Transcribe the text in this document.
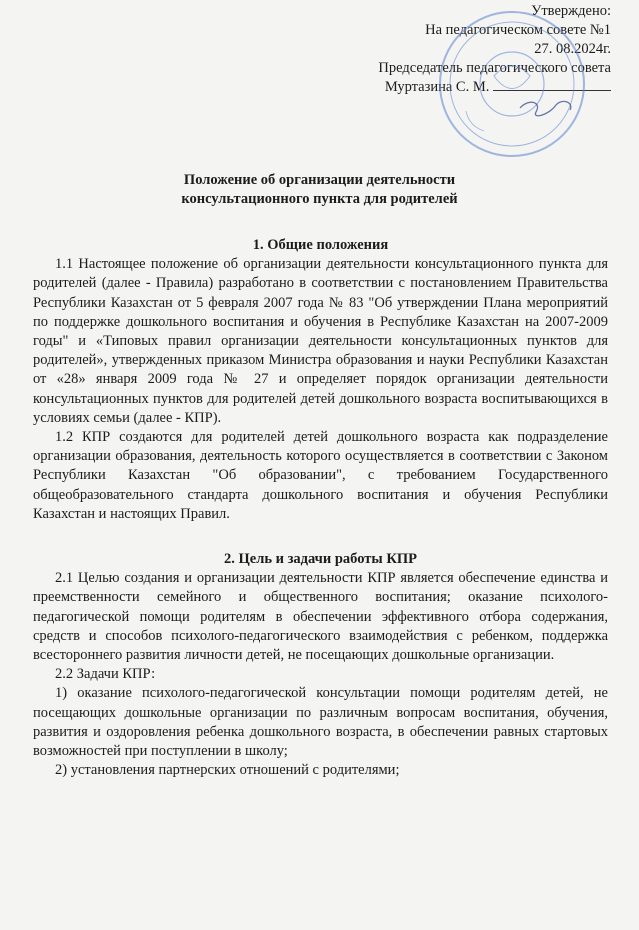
Утверждено:
На педагогическом совете №1
27. 08.2024г.
Председатель педагогического совета
Муртазина С. М.
Положение об организации деятельности
консультационного пункта для родителей
1. Общие положения
1.1 Настоящее положение об организации деятельности консультационного пункта для родителей (далее - Правила) разработано в соответствии с постановлением Правительства Республики Казахстан от 5 февраля 2007 года № 83 "Об утверждении Плана мероприятий по поддержке дошкольного воспитания и обучения в Республике Казахстан на 2007-2009 годы" и «Типовых правил организации деятельности консультационных пунктов для родителей», утвержденных приказом Министра образования и науки Республики Казахстан от «28» января 2009 года № 27 и определяет порядок организации деятельности консультационных пунктов для родителей детей дошкольного возраста воспитывающихся в условиях семьи (далее - КПР).
1.2 КПР создаются для родителей детей дошкольного возраста как подразделение организации образования, деятельность которого осуществляется в соответствии с Законом Республики Казахстан "Об образовании", с требованием Государственного общеобразовательного стандарта дошкольного воспитания и обучения Республики Казахстан и настоящих Правил.
2. Цель и задачи работы КПР
2.1 Целью создания и организации деятельности КПР является обеспечение единства и преемственности семейного и общественного воспитания; оказание психолого-педагогической помощи родителям в обеспечении эффективного отбора содержания, средств и способов психолого-педагогического взаимодействия с ребенком, поддержка всестороннего развития личности детей, не посещающих дошкольные организации.
2.2 Задачи КПР:
1) оказание психолого-педагогической консультации помощи родителям детей, не посещающих дошкольные организации по различным вопросам воспитания, обучения, развития и оздоровления ребенка дошкольного возраста, в обеспечении равных стартовых возможностей при поступлении в школу;
2) установления партнерских отношений с родителями;
